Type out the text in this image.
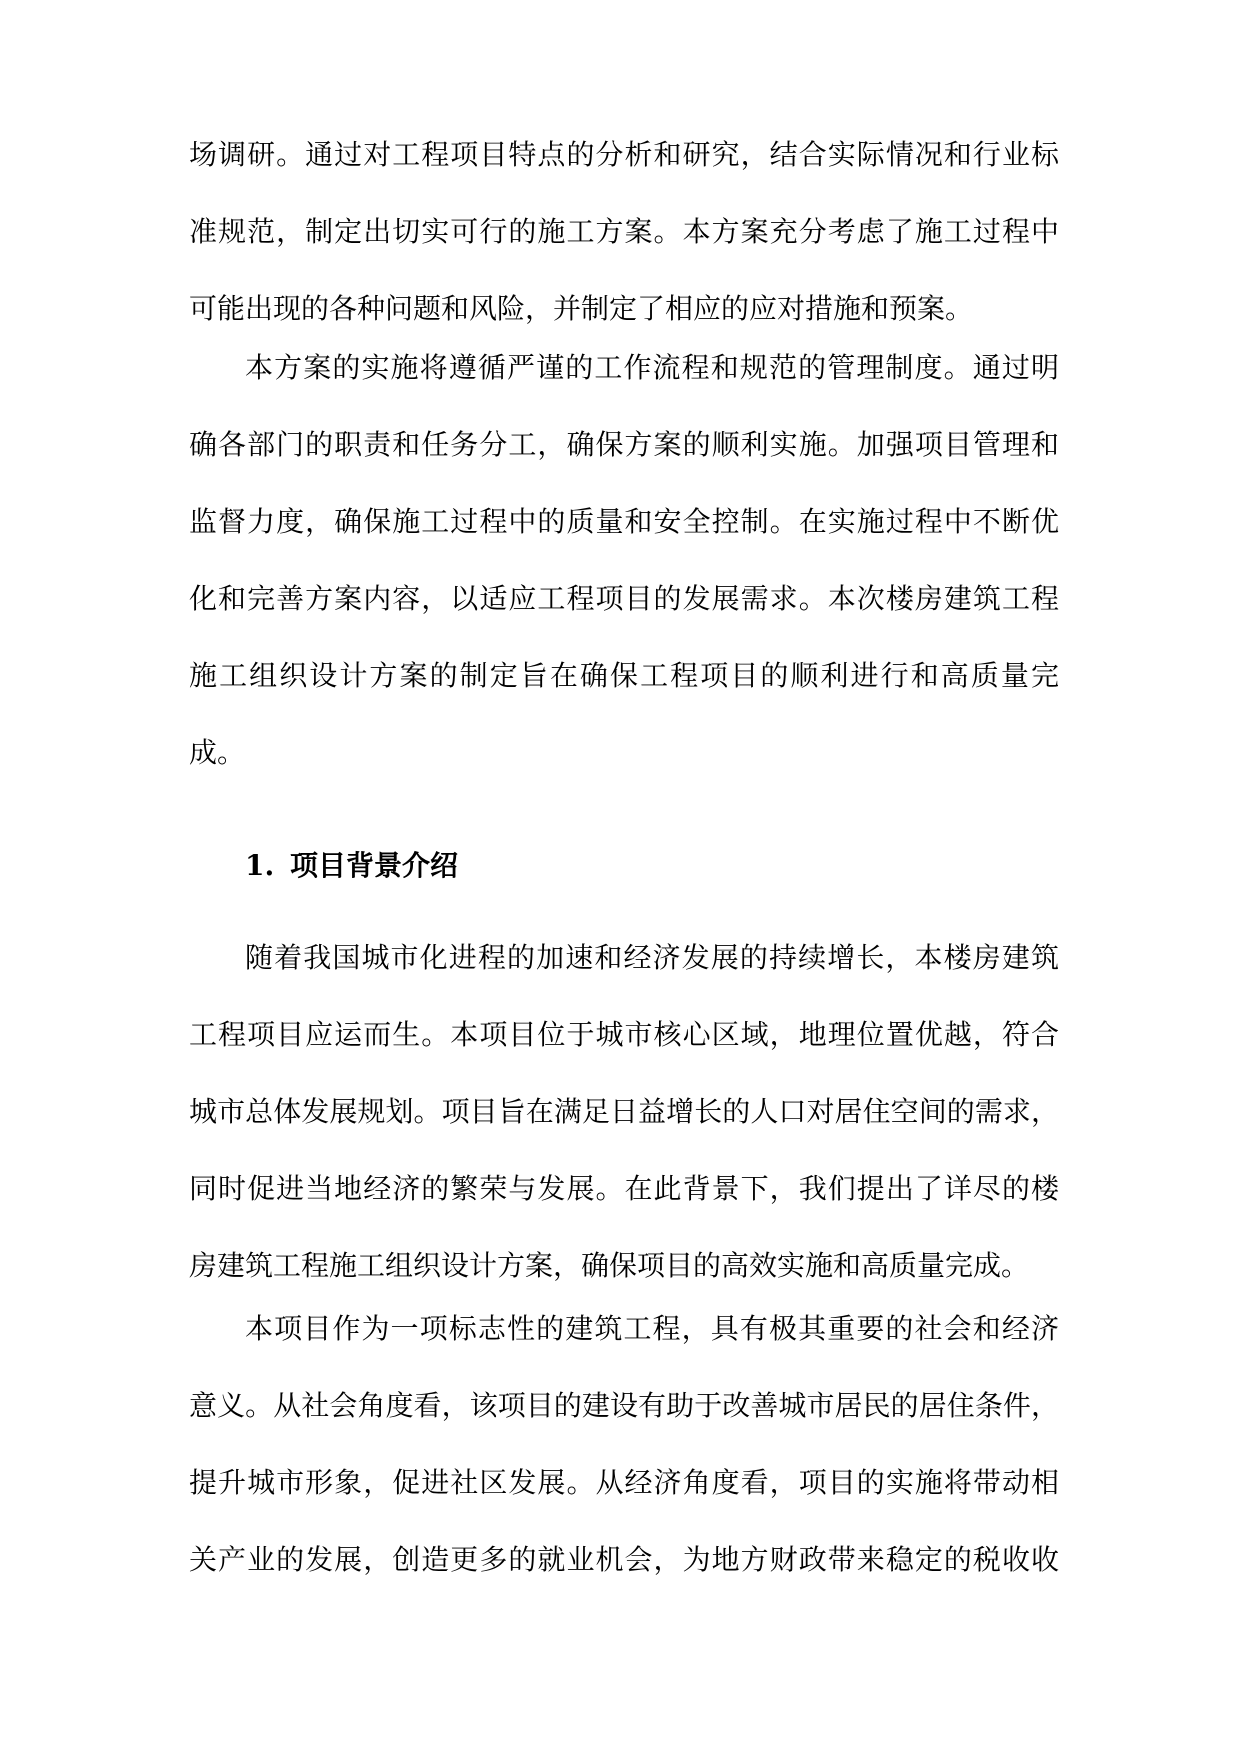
场调研。通过对工程项目特点的分析和研究，结合实际情况和行业标
准规范，制定出切实可行的施工方案。本方案充分考虑了施工过程中
可能出现的各种问题和风险，并制定了相应的应对措施和预案。
本方案的实施将遵循严谨的工作流程和规范的管理制度。通过明
确各部门的职责和任务分工，确保方案的顺利实施。加强项目管理和
监督力度，确保施工过程中的质量和安全控制。在实施过程中不断优
化和完善方案内容，以适应工程项目的发展需求。本次楼房建筑工程
施工组织设计方案的制定旨在确保工程项目的顺利进行和高质量完
成。
1. 项目背景介绍
随着我国城市化进程的加速和经济发展的持续增长，本楼房建筑
工程项目应运而生。本项目位于城市核心区域，地理位置优越，符合
城市总体发展规划。项目旨在满足日益增长的人口对居住空间的需求，
同时促进当地经济的繁荣与发展。在此背景下，我们提出了详尽的楼
房建筑工程施工组织设计方案，确保项目的高效实施和高质量完成。
本项目作为一项标志性的建筑工程，具有极其重要的社会和经济
意义。从社会角度看，该项目的建设有助于改善城市居民的居住条件，
提升城市形象，促进社区发展。从经济角度看，项目的实施将带动相
关产业的发展，创造更多的就业机会，为地方财政带来稳定的税收收
